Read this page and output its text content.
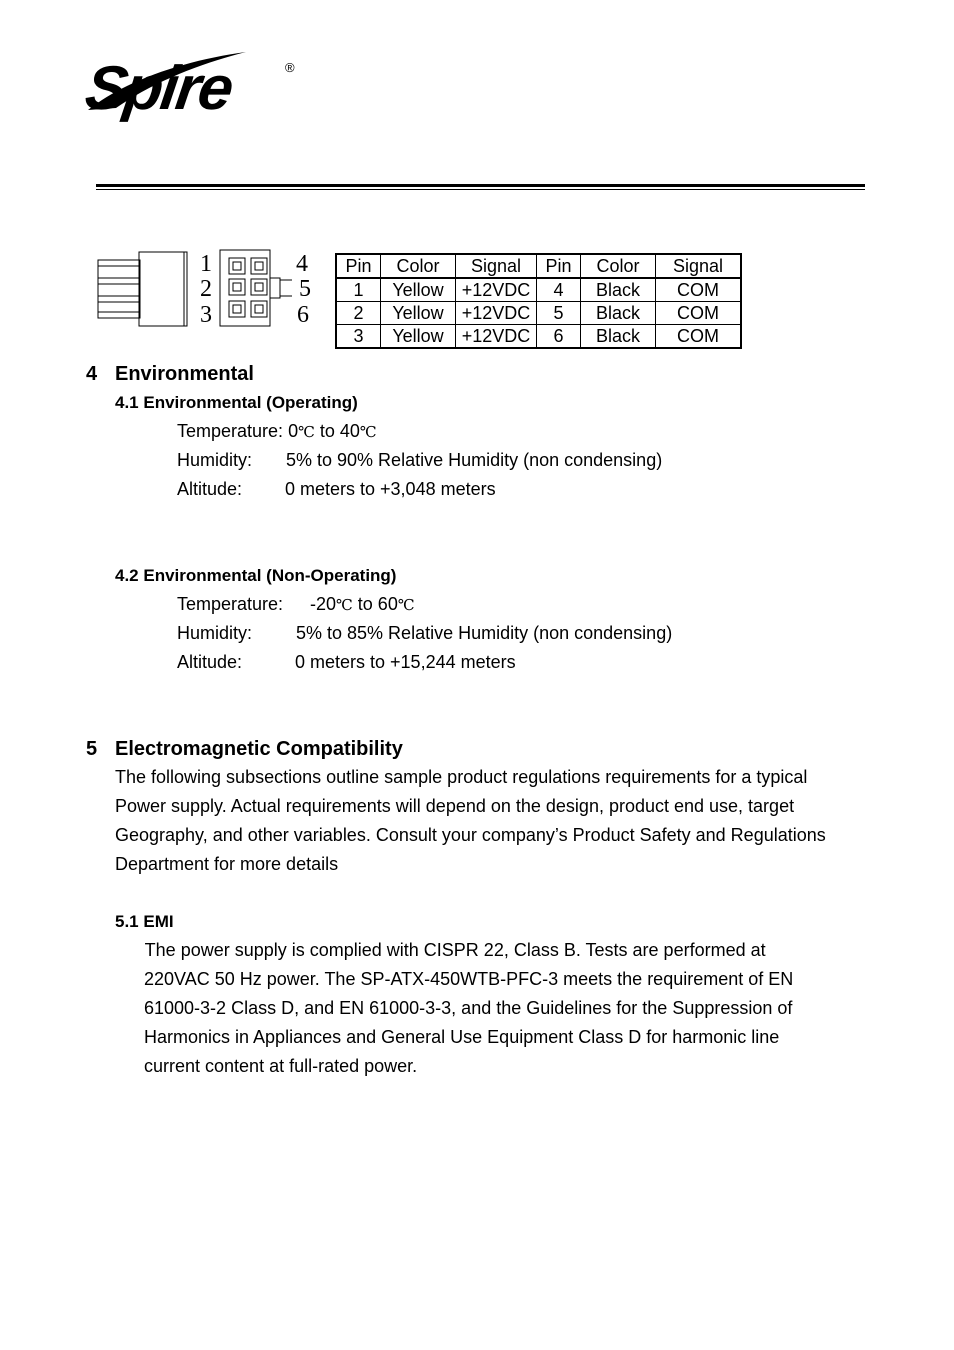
Spire	®
1
2
3
4
5
6
Pin	Color	Signal	Pin	Color	Signal
1	Yellow	+12VDC	4	Black	COM
2	Yellow	+12VDC	5	Black	COM
3	Yellow	+12VDC	6	Black	COM
4 Environmental
4.1 Environmental (Operating)
Temperature: 0℃ to 40℃
Humidity: 5% to 90% Relative Humidity (non condensing)
Altitude: 0 meters to +3,048 meters
4.2 Environmental (Non-Operating)
Temperature: -20℃ to 60℃
Humidity: 5% to 85% Relative Humidity (non condensing)
Altitude:	0 meters to +15,244 meters
5 Electromagnetic Compatibility
The following subsections outline sample product regulations requirements for a typical
Power supply. Actual requirements will depend on the design, product end use, target
Geography, and other variables. Consult your company’s Product Safety and Regulations
Department for more details
5.1 EMI
The power supply is complied with CISPR 22, Class B. Tests are performed at
220VAC 50 Hz power. The SP-ATX-450WTB-PFC-3 meets the requirement of EN
61000-3-2 Class D, and EN 61000-3-3, and the Guidelines for the Suppression of
Harmonics in Appliances and General Use Equipment Class D for harmonic line
current content at full-rated power.
